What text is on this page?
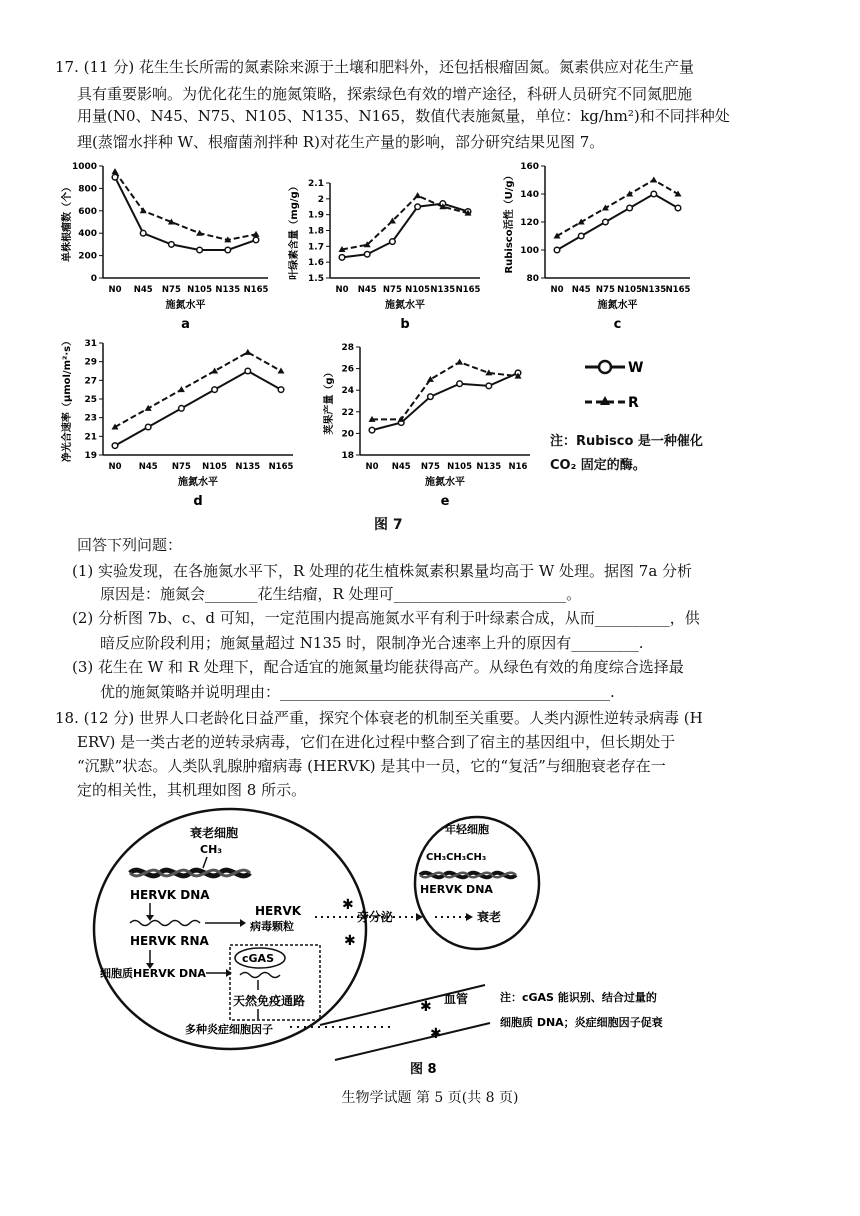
17. (11 分) 花生生长所需的氮素除来源于土壤和肥料外，还包括根瘤固氮。氮素供应对花生产量
具有重要影响。为优化花生的施氮策略，探索绿色有效的增产途径，科研人员研究不同氮肥施
用量(N0、N45、N75、N105、N135、N165，数值代表施氮量，单位：kg/hm²)和不同拌种处
理(蒸馏水拌种 W、根瘤菌剂拌种 R)对花生产量的影响，部分研究结果见图 7。
0
200
400
600
800
1000
N0 N45 N75 N105 N135 N165
施氮水平
a
单株根瘤数（个）
1.5
1.6
1.7
1.8
1.9
2
2.1
N0 N45 N75 N105 N135 N165
施氮水平
b
叶绿素含量（mg/g）	80
100
120
140
160
N0 N45 N75 N105 N135 N165
施氮水平
c
Rubisco活性（U/g）
19
21
23
25
27
29
31
N0 N45 N75 N105 N135 N165
施氮水平
d
净光合速率（μmol/m²·s）	18
20
22
24
26
28
N0 N45 N75 N105 N135 N16
施氮水平
e
荚果产量（g）	W
R
注：Rubisco 是一种催化
CO₂ 固定的酶。
图 7
回答下列问题：
(1) 实验发现，在各施氮水平下，R 处理的花生植株氮素积累量均高于 W 处理。据图 7a 分析
原因是：施氮会_______花生结瘤，R 处理可_______________________。
(2) 分析图 7b、c、d 可知，一定范围内提高施氮水平有利于叶绿素合成，从而__________，供
暗反应阶段利用；施氮量超过 N135 时，限制净光合速率上升的原因有_________.
(3) 花生在 W 和 R 处理下，配合适宜的施氮量均能获得高产。从绿色有效的角度综合选择最
优的施氮策略并说明理由：____________________________________________.
18. (12 分) 世界人口老龄化日益严重，探究个体衰老的机制至关重要。人类内源性逆转录病毒 (H
ERV) 是一类古老的逆转录病毒，它们在进化过程中整合到了宿主的基因组中，但长期处于
“沉默”状态。人类队乳腺肿瘤病毒 (HERVK) 是其中一员，它的“复活”与细胞衰老存在一
定的相关性，其机理如图 8 所示。
衰老细胞
CH₃
HERVK DNA
HERVK RNA
细胞质HERVK DNA
HERVK
病毒颗粒
cGAS
天然免疫通路
多种炎症细胞因子
✱
✱
旁分泌
年轻细胞
CH₃CH₃CH₃
HERVK DNA
衰老
✱
✱
血管	注：cGAS 能识别、结合过量的
细胞质 DNA；炎症细胞因子促衰
图 8
生物学试题 第 5 页(共 8 页)
